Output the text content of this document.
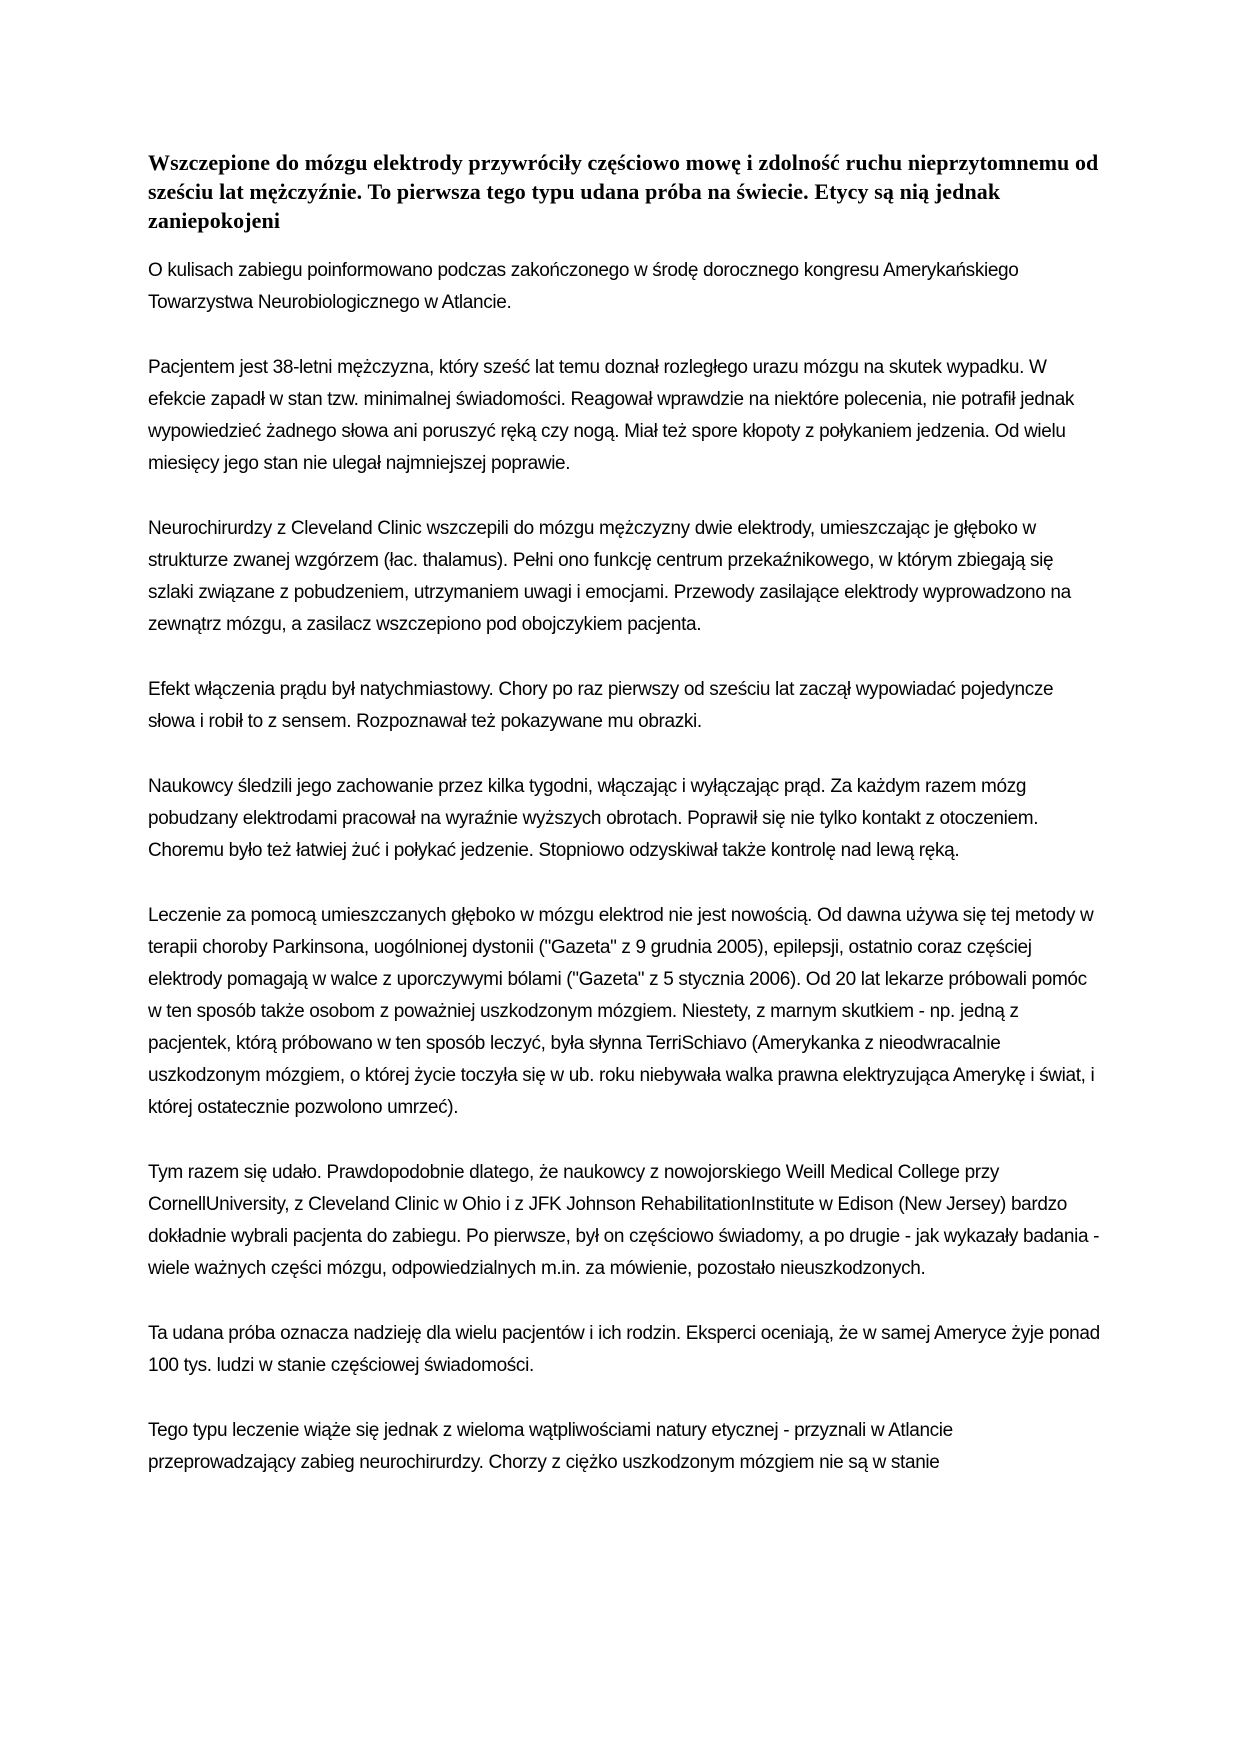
Wszczepione do mózgu elektrody przywróciły częściowo mowę i zdolność ruchu nieprzytomnemu od sześciu lat mężczyźnie. To pierwsza tego typu udana próba na świecie. Etycy są nią jednak zaniepokojeni

O kulisach zabiegu poinformowano podczas zakończonego w środę dorocznego kongresu Amerykańskiego Towarzystwa Neurobiologicznego w Atlancie.

Pacjentem jest 38-letni mężczyzna, który sześć lat temu doznał rozległego urazu mózgu na skutek wypadku. W efekcie zapadł w stan tzw. minimalnej świadomości. Reagował wprawdzie na niektóre polecenia, nie potrafił jednak wypowiedzieć żadnego słowa ani poruszyć ręką czy nogą. Miał też spore kłopoty z połykaniem jedzenia. Od wielu miesięcy jego stan nie ulegał najmniejszej poprawie.

Neurochirurdzy z Cleveland Clinic wszczepili do mózgu mężczyzny dwie elektrody, umieszczając je głęboko w strukturze zwanej wzgórzem (łac. thalamus). Pełni ono funkcję centrum przekaźnikowego, w którym zbiegają się szlaki związane z pobudzeniem, utrzymaniem uwagi i emocjami. Przewody zasilające elektrody wyprowadzono na zewnątrz mózgu, a zasilacz wszczepiono pod obojczykiem pacjenta.

Efekt włączenia prądu był natychmiastowy. Chory po raz pierwszy od sześciu lat zaczął wypowiadać pojedyncze słowa i robił to z sensem. Rozpoznawał też pokazywane mu obrazki.

Naukowcy śledzili jego zachowanie przez kilka tygodni, włączając i wyłączając prąd. Za każdym razem mózg pobudzany elektrodami pracował na wyraźnie wyższych obrotach. Poprawił się nie tylko kontakt z otoczeniem. Choremu było też łatwiej żuć i połykać jedzenie. Stopniowo odzyskiwał także kontrolę nad lewą ręką.

Leczenie za pomocą umieszczanych głęboko w mózgu elektrod nie jest nowością. Od dawna używa się tej metody w terapii choroby Parkinsona, uogólnionej dystonii ("Gazeta" z 9 grudnia 2005), epilepsji, ostatnio coraz częściej elektrody pomagają w walce z uporczywymi bólami ("Gazeta" z 5 stycznia 2006). Od 20 lat lekarze próbowali pomóc w ten sposób także osobom z poważniej uszkodzonym mózgiem. Niestety, z marnym skutkiem - np. jedną z pacjentek, którą próbowano w ten sposób leczyć, była słynna TerriSchiavo (Amerykanka z nieodwracalnie uszkodzonym mózgiem, o której życie toczyła się w ub. roku niebywała walka prawna elektryzująca Amerykę i świat, i której ostatecznie pozwolono umrzeć).

Tym razem się udało. Prawdopodobnie dlatego, że naukowcy z nowojorskiego Weill Medical College przy CornellUniversity, z Cleveland Clinic w Ohio i z JFK Johnson RehabilitationInstitute w Edison (New Jersey) bardzo dokładnie wybrali pacjenta do zabiegu. Po pierwsze, był on częściowo świadomy, a po drugie - jak wykazały badania - wiele ważnych części mózgu, odpowiedzialnych m.in. za mówienie, pozostało nieuszkodzonych.

Ta udana próba oznacza nadzieję dla wielu pacjentów i ich rodzin. Eksperci oceniają, że w samej Ameryce żyje ponad 100 tys. ludzi w stanie częściowej świadomości.

Tego typu leczenie wiąże się jednak z wieloma wątpliwościami natury etycznej - przyznali w Atlancie przeprowadzający zabieg neurochirurdzy. Chorzy z ciężko uszkodzonym mózgiem nie są w stanie
